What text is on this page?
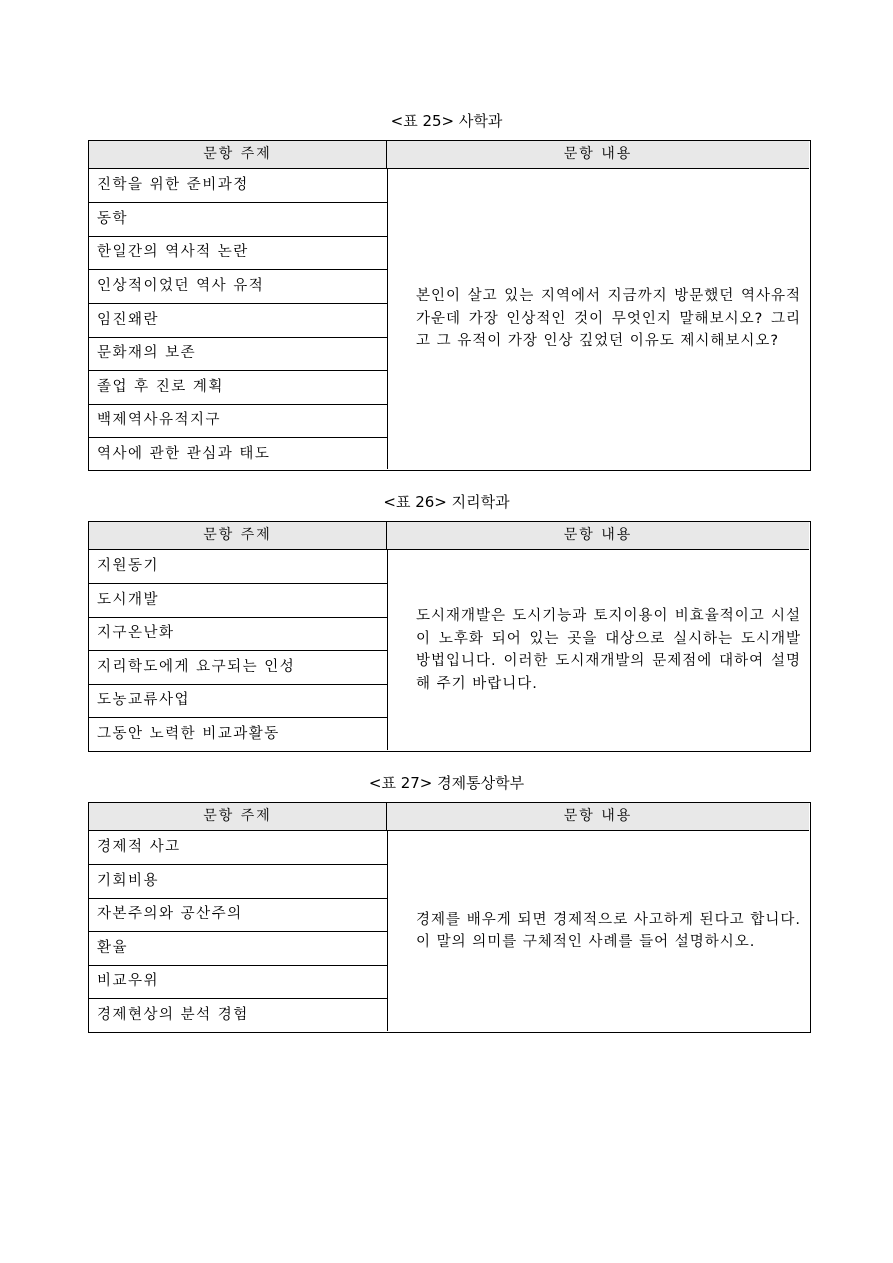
<표 25> 사학과
문항 주제	문항 내용
진학을 위한 준비과정
동학
한일간의 역사적 논란
인상적이었던 역사 유적
임진왜란
문화재의 보존
졸업 후 진로 계획
백제역사유적지구
역사에 관한 관심과 태도

본인이 살고 있는 지역에서 지금까지 방문했던 역사유적 가운데 가장 인상적인 것이 무엇인지 말해보시오? 그리고 그 유적이 가장 인상 깊었던 이유도 제시해보시오?

<표 26> 지리학과
문항 주제	문항 내용
지원동기
도시개발
지구온난화
지리학도에게 요구되는 인성
도농교류사업
그동안 노력한 비교과활동

도시재개발은 도시기능과 토지이용이 비효율적이고 시설이 노후화 되어 있는 곳을 대상으로 실시하는 도시개발 방법입니다. 이러한 도시재개발의 문제점에 대하여 설명해 주기 바랍니다.

<표 27> 경제통상학부
문항 주제	문항 내용
경제적 사고
기회비용
자본주의와 공산주의
환율
비교우위
경제현상의 분석 경험

경제를 배우게 되면 경제적으로 사고하게 된다고 합니다. 이 말의 의미를 구체적인 사례를 들어 설명하시오.
